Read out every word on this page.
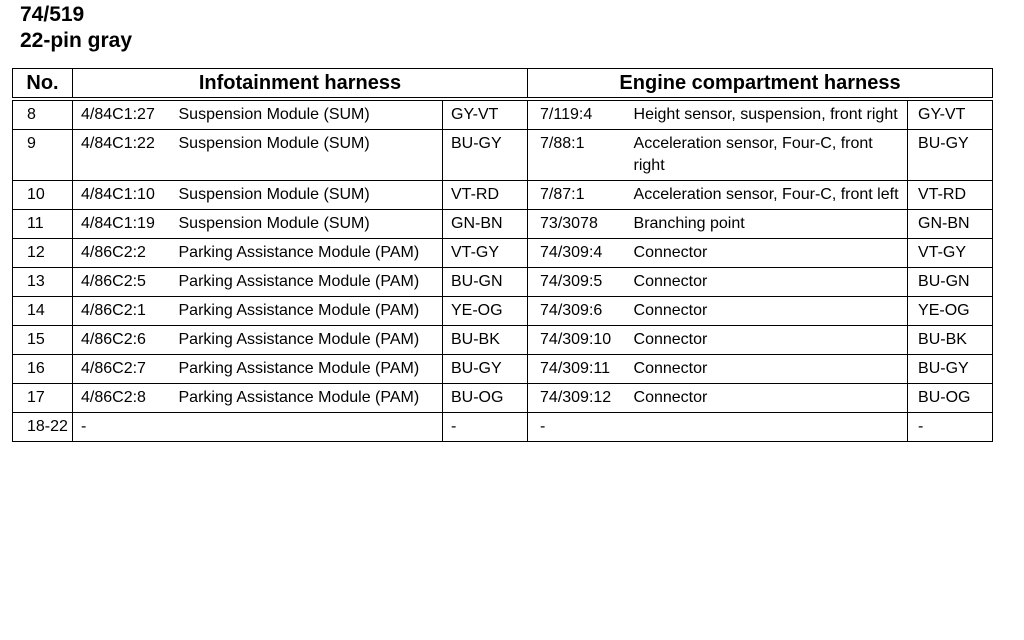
74/519
22-pin gray
No.	Infotainment harness			Engine compartment harness		
8	4/84C1:27	Suspension Module (SUM)	GY-VT	7/119:4	Height sensor, suspension, front right	GY-VT
9	4/84C1:22	Suspension Module (SUM)	BU-GY	7/88:1	Acceleration sensor, Four-C, front right	BU-GY
10	4/84C1:10	Suspension Module (SUM)	VT-RD	7/87:1	Acceleration sensor, Four-C, front left	VT-RD
11	4/84C1:19	Suspension Module (SUM)	GN-BN	73/3078	Branching point	GN-BN
12	4/86C2:2	Parking Assistance Module (PAM)	VT-GY	74/309:4	Connector	VT-GY
13	4/86C2:5	Parking Assistance Module (PAM)	BU-GN	74/309:5	Connector	BU-GN
14	4/86C2:1	Parking Assistance Module (PAM)	YE-OG	74/309:6	Connector	YE-OG
15	4/86C2:6	Parking Assistance Module (PAM)	BU-BK	74/309:10	Connector	BU-BK
16	4/86C2:7	Parking Assistance Module (PAM)	BU-GY	74/309:11	Connector	BU-GY
17	4/86C2:8	Parking Assistance Module (PAM)	BU-OG	74/309:12	Connector	BU-OG
18-22	-		-	-		-
